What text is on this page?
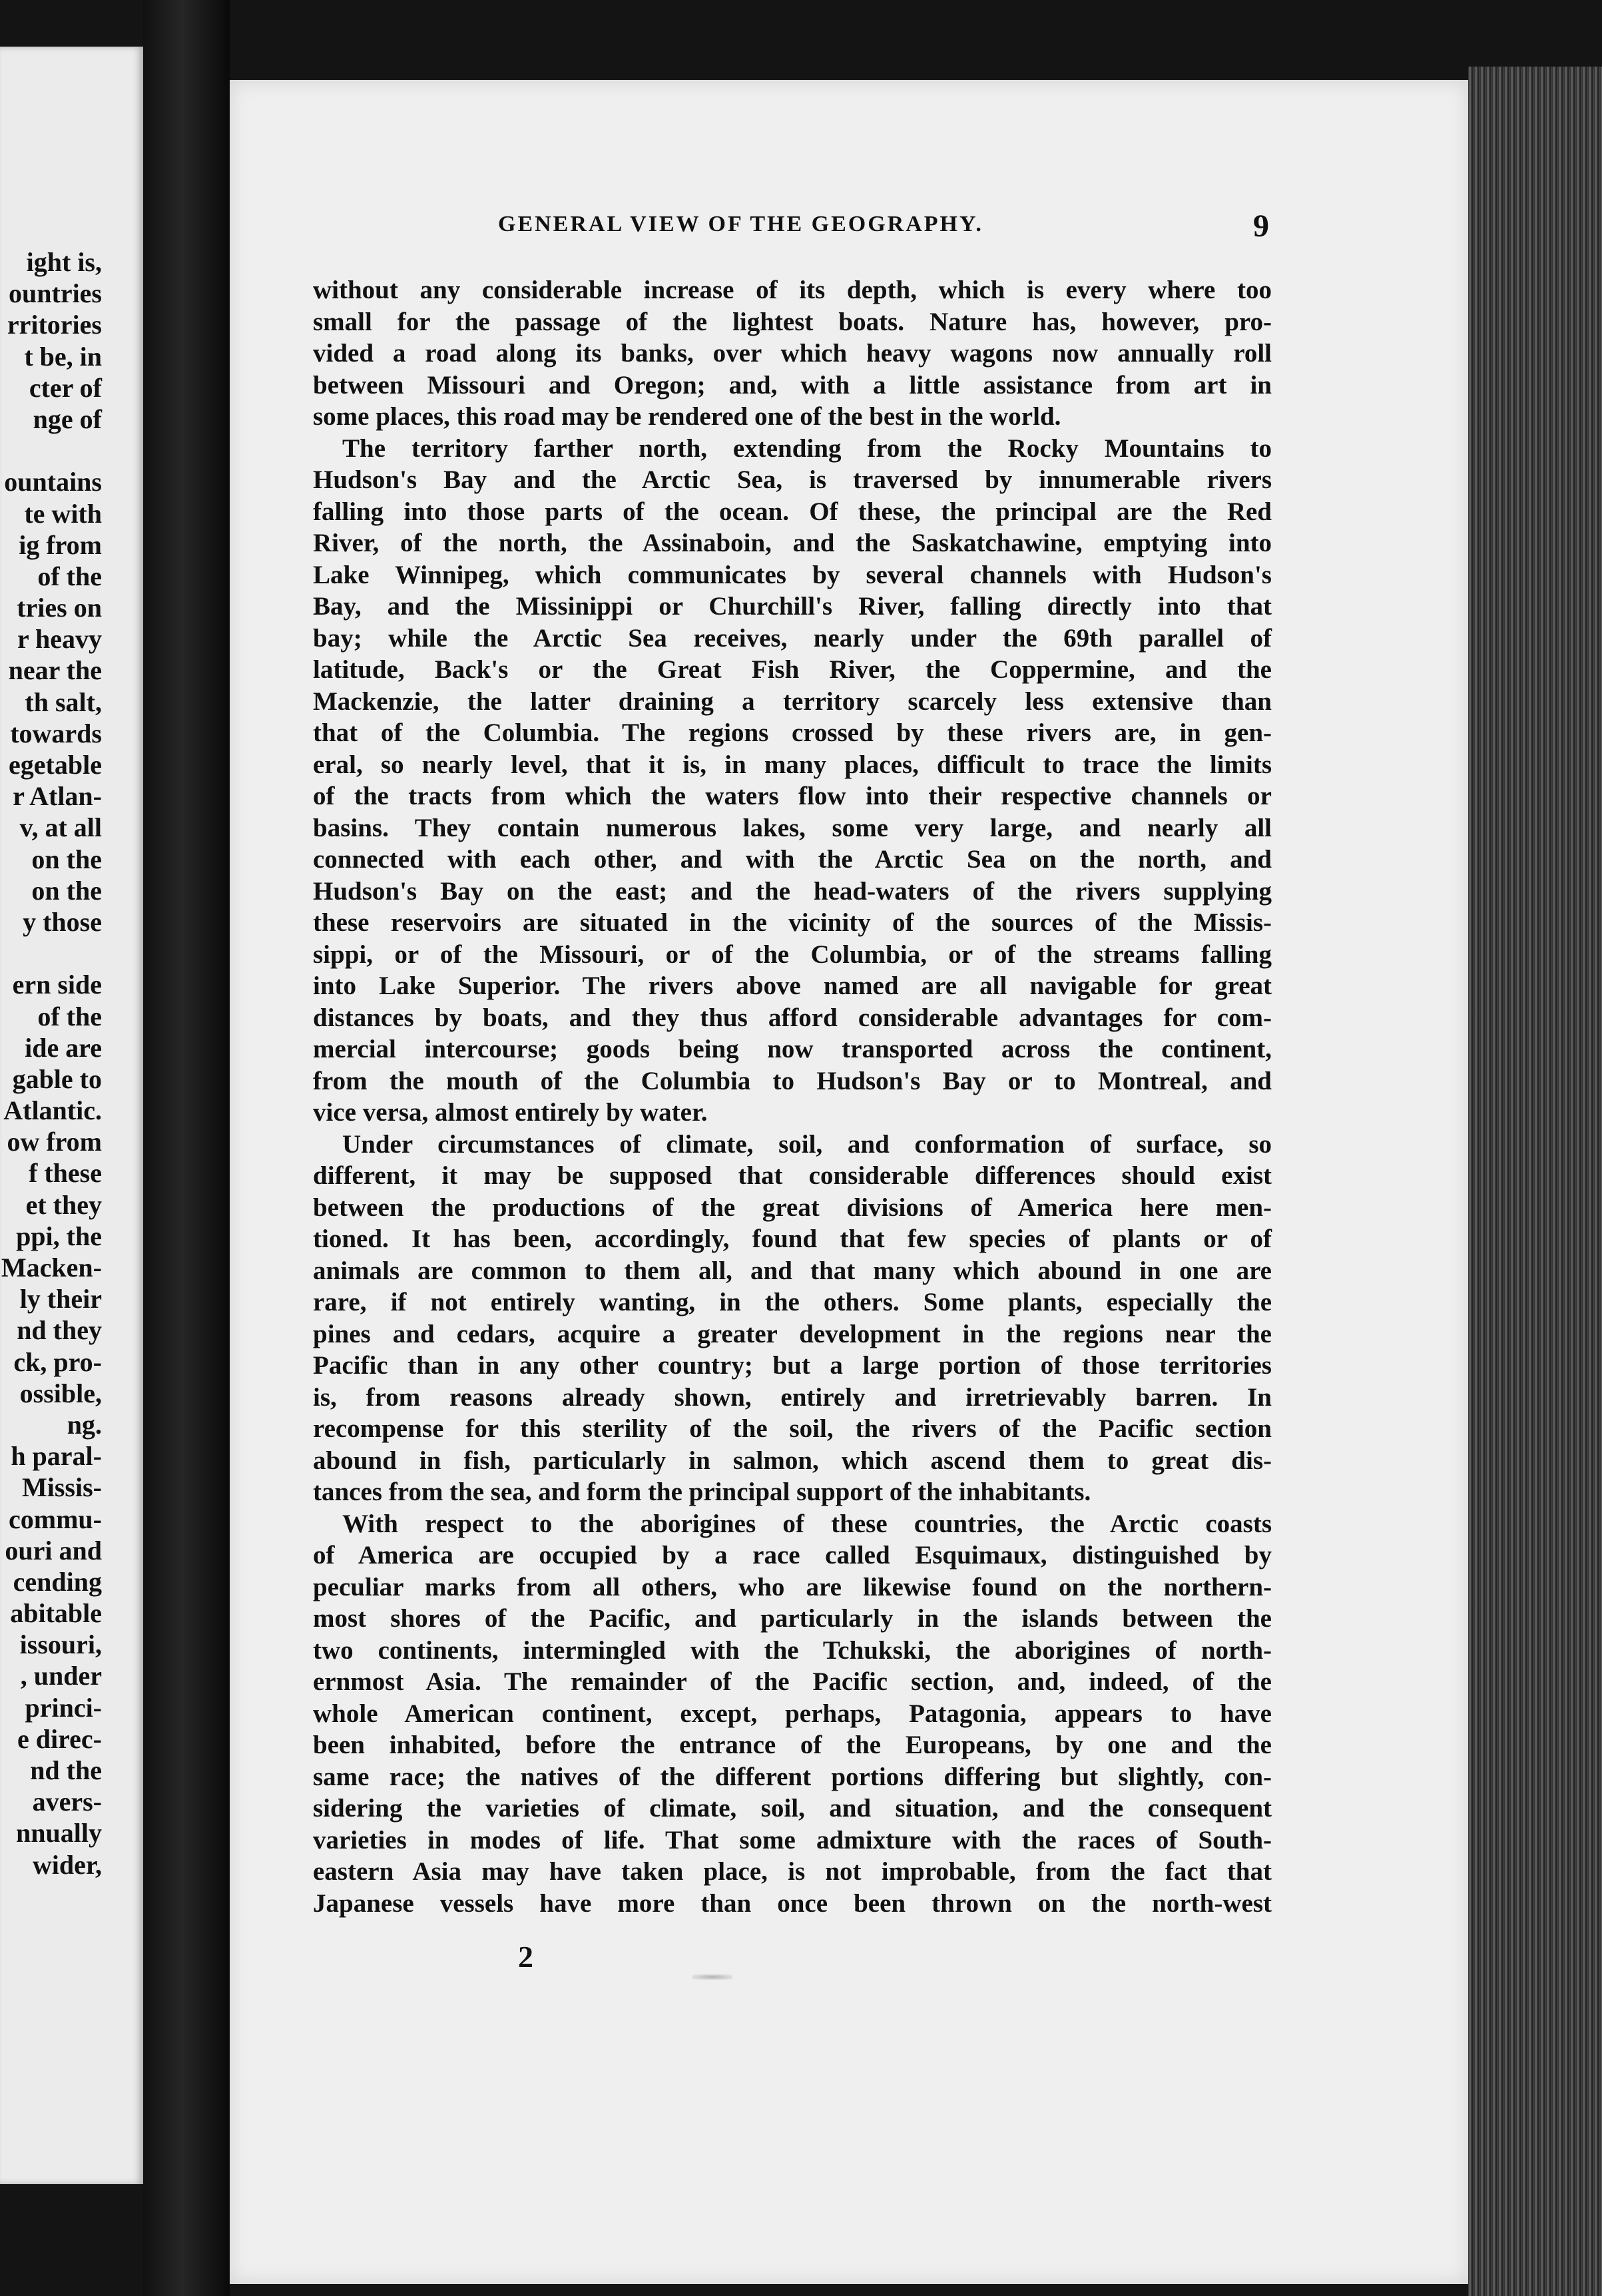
ight is,
ountries
rritories
t be, in
cter of
nge of
ountains
te with
ig from
of the
tries on
r heavy
near the
th salt,
towards
egetable
r Atlan-
v, at all
on the
on the
y those
ern side
of the
ide are
gable to
Atlantic.
ow from
f these
et they
ppi, the
Macken-
ly their
nd they
ck, pro-
ossible,
ng.
h paral-
Missis-
commu-
ouri and
cending
abitable
issouri,
, under
princi-
e direc-
nd the
avers-
nnually
wider,
GENERAL VIEW OF THE GEOGRAPHY.	9
without any considerable increase of its depth, which is every where too
small for the passage of the lightest boats. Nature has, however, pro-
vided a road along its banks, over which heavy wagons now annually roll
between Missouri and Oregon; and, with a little assistance from art in
some places, this road may be rendered one of the best in the world.
The territory farther north, extending from the Rocky Mountains to
Hudson's Bay and the Arctic Sea, is traversed by innumerable rivers
falling into those parts of the ocean. Of these, the principal are the Red
River, of the north, the Assinaboin, and the Saskatchawine, emptying into
Lake Winnipeg, which communicates by several channels with Hudson's
Bay, and the Missinippi or Churchill's River, falling directly into that
bay; while the Arctic Sea receives, nearly under the 69th parallel of
latitude, Back's or the Great Fish River, the Coppermine, and the
Mackenzie, the latter draining a territory scarcely less extensive than
that of the Columbia. The regions crossed by these rivers are, in gen-
eral, so nearly level, that it is, in many places, difficult to trace the limits
of the tracts from which the waters flow into their respective channels or
basins. They contain numerous lakes, some very large, and nearly all
connected with each other, and with the Arctic Sea on the north, and
Hudson's Bay on the east; and the head-waters of the rivers supplying
these reservoirs are situated in the vicinity of the sources of the Missis-
sippi, or of the Missouri, or of the Columbia, or of the streams falling
into Lake Superior. The rivers above named are all navigable for great
distances by boats, and they thus afford considerable advantages for com-
mercial intercourse; goods being now transported across the continent,
from the mouth of the Columbia to Hudson's Bay or to Montreal, and
vice versa, almost entirely by water.
Under circumstances of climate, soil, and conformation of surface, so
different, it may be supposed that considerable differences should exist
between the productions of the great divisions of America here men-
tioned. It has been, accordingly, found that few species of plants or of
animals are common to them all, and that many which abound in one are
rare, if not entirely wanting, in the others. Some plants, especially the
pines and cedars, acquire a greater development in the regions near the
Pacific than in any other country; but a large portion of those territories
is, from reasons already shown, entirely and irretrievably barren. In
recompense for this sterility of the soil, the rivers of the Pacific section
abound in fish, particularly in salmon, which ascend them to great dis-
tances from the sea, and form the principal support of the inhabitants.
With respect to the aborigines of these countries, the Arctic coasts
of America are occupied by a race called Esquimaux, distinguished by
peculiar marks from all others, who are likewise found on the northern-
most shores of the Pacific, and particularly in the islands between the
two continents, intermingled with the Tchukski, the aborigines of north-
ernmost Asia. The remainder of the Pacific section, and, indeed, of the
whole American continent, except, perhaps, Patagonia, appears to have
been inhabited, before the entrance of the Europeans, by one and the
same race; the natives of the different portions differing but slightly, con-
sidering the varieties of climate, soil, and situation, and the consequent
varieties in modes of life. That some admixture with the races of South-
eastern Asia may have taken place, is not improbable, from the fact that
Japanese vessels have more than once been thrown on the north-west
2
